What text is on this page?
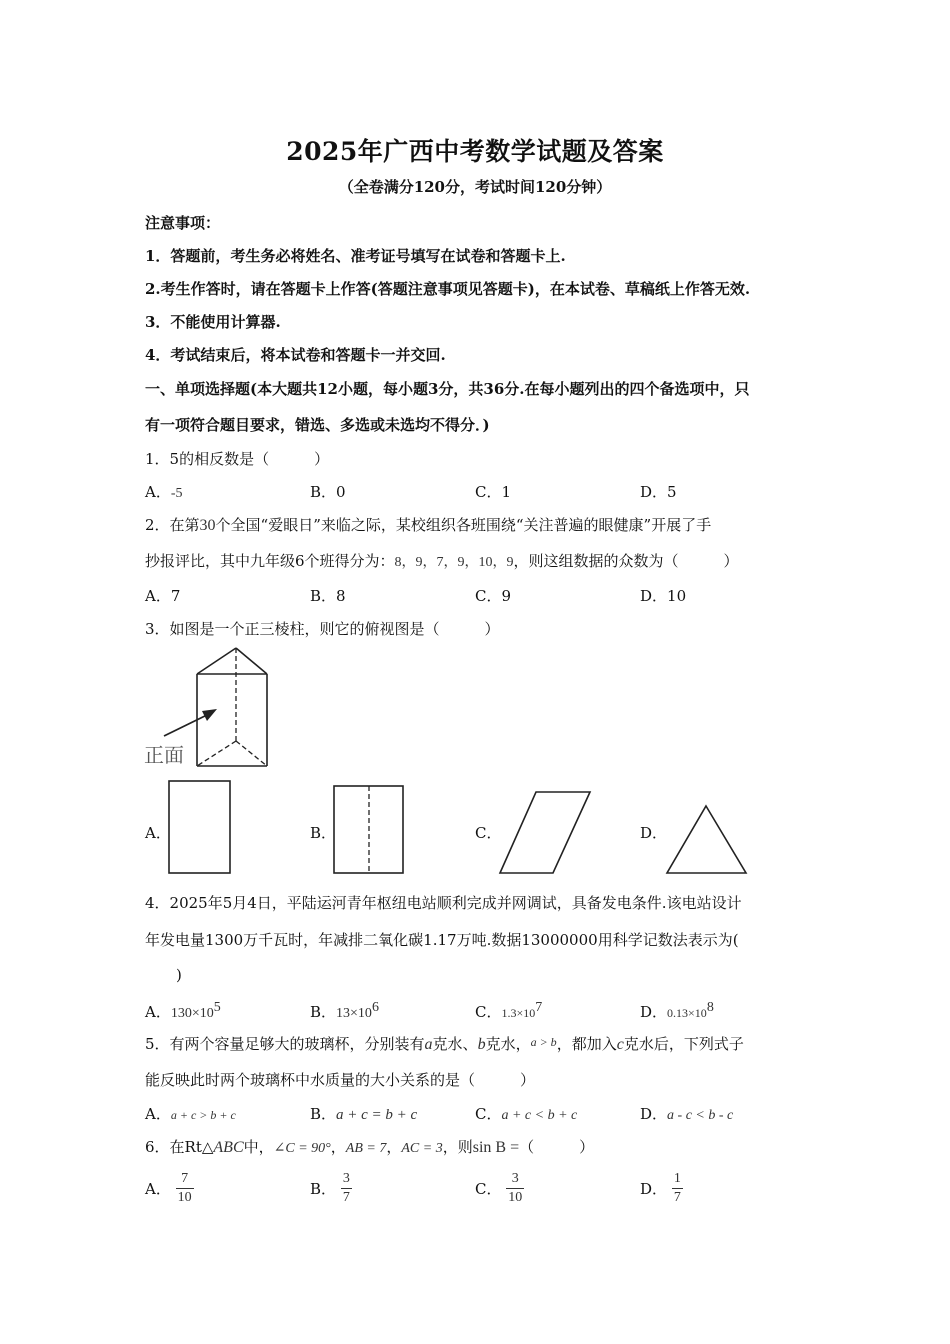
2025年广西中考数学试题及答案
（全卷满分120分，考试时间120分钟）
注意事项：
1．答题前，考生务必将姓名、准考证号填写在试卷和答题卡上.
2.考生作答时，请在答题卡上作答(答题注意事项见答题卡)，在本试卷、草稿纸上作答无效.
3．不能使用计算器.
4．考试结束后，将本试卷和答题卡一并交回.
一、单项选择题(本大题共12小题，每小题3分，共36分.在每小题列出的四个备选项中，只
有一项符合题目要求，错选、多选或未选均不得分．)
1．5的相反数是（　　　）
A．-5	B．0	C．1	D．5
2．在第30个全国“爱眼日”来临之际，某校组织各班围绕“关注普遍的眼健康”开展了手
抄报评比，其中九年级6个班得分为：8，9，7，9，10，9，则这组数据的众数为（　　　）
A．7	B．8	C．9	D．10
3．如图是一个正三棱柱，则它的俯视图是（　　　）
正面
A．	B．	C．	D．
4．2025年5月4日，平陆运河青年枢纽电站顺利完成并网调试，具备发电条件.该电站设计
年发电量1300万千瓦时，年减排二氧化碳1.17万吨.数据13000000用科学记数法表示为(
)
A．$130\times 10^5$	B．$13\times 10^6$	C．$1.3\times 10^7$	D．$0.13\times 10^8$
5．有两个容量足够大的玻璃杯，分别装有a克水、b克水，$^{a > b}$，都加入c克水后，下列式子
能反映此时两个玻璃杯中水质量的大小关系的是（　　　）
A．a + c > b + c	B．a + c = b + c	C．a + c < b + c	D．a - c < b - c
6．在Rt△ABC中，∠C = 90°，AB = 7，AC = 3，则sin B =（　　　）
A． $\frac{7}{10}$	B． $\frac{3}{7}$	C． $\frac{3}{10}$	D． $\frac{1}{7}$
